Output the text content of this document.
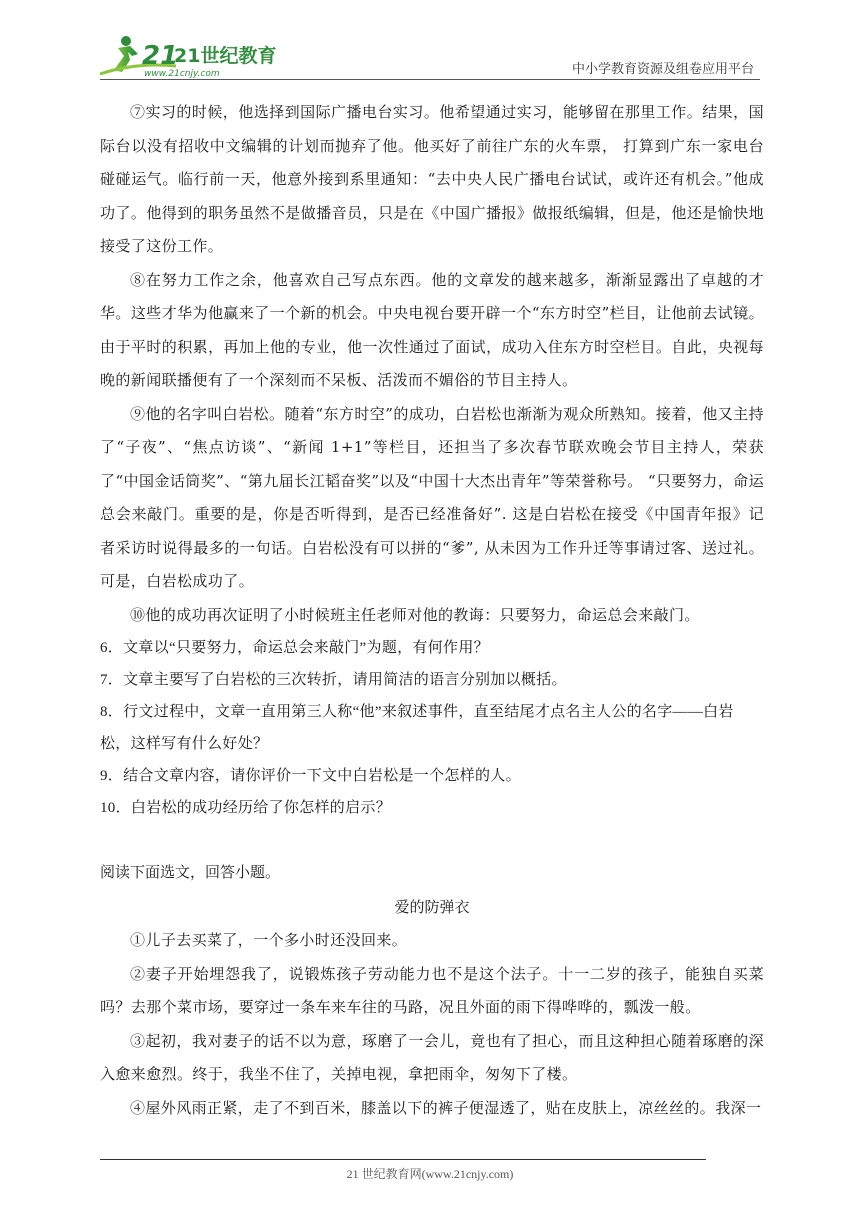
21
21世纪教育
www.21cnjy.com	中小学教育资源及组卷应用平台

⑦实习的时候，他选择到国际广播电台实习。他希望通过实习，能够留在那里工作。结果，国际台以没有招收中文编辑的计划而抛弃了他。他买好了前往广东的火车票， 打算到广东一家电台碰碰运气。临行前一天，他意外接到系里通知：“去中央人民广播电台试试，或许还有机会。”他成功了。他得到的职务虽然不是做播音员，只是在《中国广播报》做报纸编辑，但是，他还是愉快地接受了这份工作。

⑧在努力工作之余，他喜欢自己写点东西。他的文章发的越来越多，渐渐显露出了卓越的才华。这些才华为他赢来了一个新的机会。中央电视台要开辟一个“东方时空”栏目，让他前去试镜。由于平时的积累，再加上他的专业，他一次性通过了面试，成功入住东方时空栏目。自此，央视每晚的新闻联播便有了一个深刻而不呆板、活泼而不媚俗的节目主持人。

⑨他的名字叫白岩松。随着“东方时空”的成功，白岩松也渐渐为观众所熟知。接着，他又主持了“子夜”、“焦点访谈”、“新闻 1+1”等栏目，还担当了多次春节联欢晚会节目主持人，荣获了“中国金话筒奖”、“第九届长江韬奋奖”以及“中国十大杰出青年”等荣誉称号。 “只要努力，命运总会来敲门。重要的是，你是否听得到，是否已经准备好”. 这是白岩松在接受《中国青年报》记者采访时说得最多的一句话。白岩松没有可以拼的“爹”, 从未因为工作升迁等事请过客、送过礼。可是，白岩松成功了。

⑩他的成功再次证明了小时候班主任老师对他的教诲：只要努力，命运总会来敲门。

6．文章以“只要努力，命运总会来敲门”为题，有何作用？

7．文章主要写了白岩松的三次转折，请用简洁的语言分别加以概括。

8．行文过程中，文章一直用第三人称“他”来叙述事件，直至结尾才点名主人公的名字——白岩松，这样写有什么好处？

9．结合文章内容，请你评价一下文中白岩松是一个怎样的人。

10．白岩松的成功经历给了你怎样的启示？

阅读下面选文，回答小题。

爱的防弹衣

①儿子去买菜了，一个多小时还没回来。

②妻子开始埋怨我了，说锻炼孩子劳动能力也不是这个法子。十一二岁的孩子，能独自买菜吗？去那个菜市场，要穿过一条车来车往的马路，况且外面的雨下得哗哗的，瓢泼一般。

③起初，我对妻子的话不以为意，琢磨了一会儿，竟也有了担心，而且这种担心随着琢磨的深入愈来愈烈。终于，我坐不住了，关掉电视，拿把雨伞，匆匆下了楼。

④屋外风雨正紧，走了不到百米，膝盖以下的裤子便湿透了，贴在皮肤上，凉丝丝的。我深一

21 世纪教育网(www.21cnjy.com)
